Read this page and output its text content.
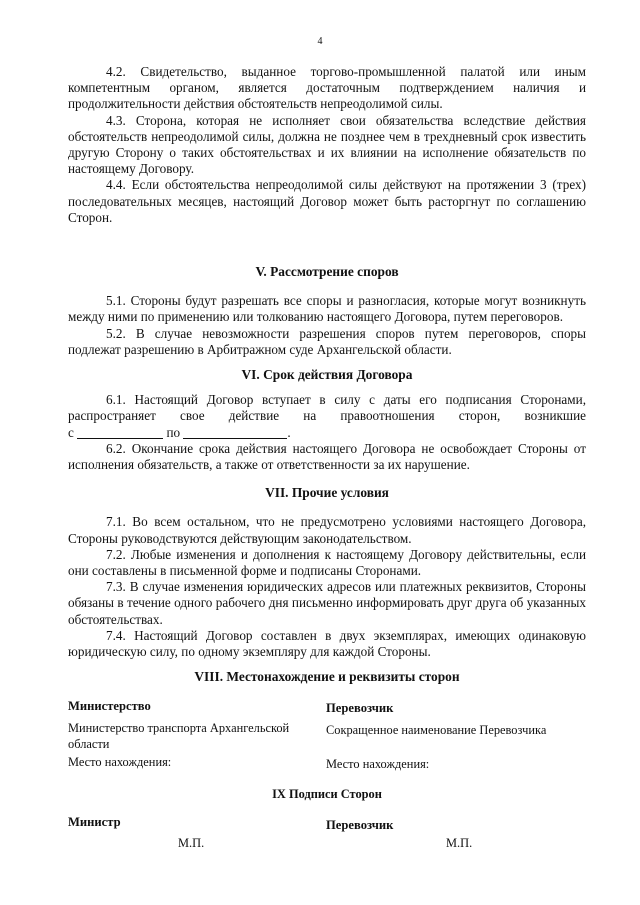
4

4.2. Свидетельство, выданное торгово-промышленной палатой или иным компетентным органом, является достаточным подтверждением наличия и продолжительности действия обстоятельств непреодолимой силы.

4.3. Сторона, которая не исполняет свои обязательства вследствие действия обстоятельств непреодолимой силы, должна не позднее чем в трехдневный срок известить другую Сторону о таких обстоятельствах и их влиянии на исполнение обязательств по настоящему Договору.

4.4. Если обстоятельства непреодолимой силы действуют на протяжении 3 (трех) последовательных месяцев, настоящий Договор может быть расторгнут по соглашению Сторон.

V. Рассмотрение споров

5.1. Стороны будут разрешать все споры и разногласия, которые могут возникнуть между ними по применению или толкованию настоящего Договора, путем переговоров.

5.2. В случае невозможности разрешения споров путем переговоров, споры подлежат разрешению в Арбитражном суде Архангельской области.

VI. Срок действия Договора

6.1. Настоящий Договор вступает в силу с даты его подписания Сторонами, распространяет свое действие на правоотношения сторон, возникшие

с	по	.

6.2. Окончание срока действия настоящего Договора не освобождает Стороны от исполнения обязательств, а также от ответственности за их нарушение.

VII. Прочие условия

7.1. Во всем остальном, что не предусмотрено условиями настоящего Договора, Стороны руководствуются действующим законодательством.

7.2. Любые изменения и дополнения к настоящему Договору действительны, если они составлены в письменной форме и подписаны Сторонами.

7.3. В случае изменения юридических адресов или платежных реквизитов, Стороны обязаны в течение одного рабочего дня письменно информировать друг друга об указанных обстоятельствах.

7.4. Настоящий Договор составлен в двух экземплярах, имеющих одинаковую юридическую силу, по одному экземпляру для каждой Стороны.

VIII. Местонахождение и реквизиты сторон

Министерство
Министерство транспорта Архангельской области
Место нахождения:
Перевозчик
Сокращенное наименование Перевозчика
Место нахождения:

IX Подписи Сторон

Министр	Перевозчик
М.П.	М.П.
